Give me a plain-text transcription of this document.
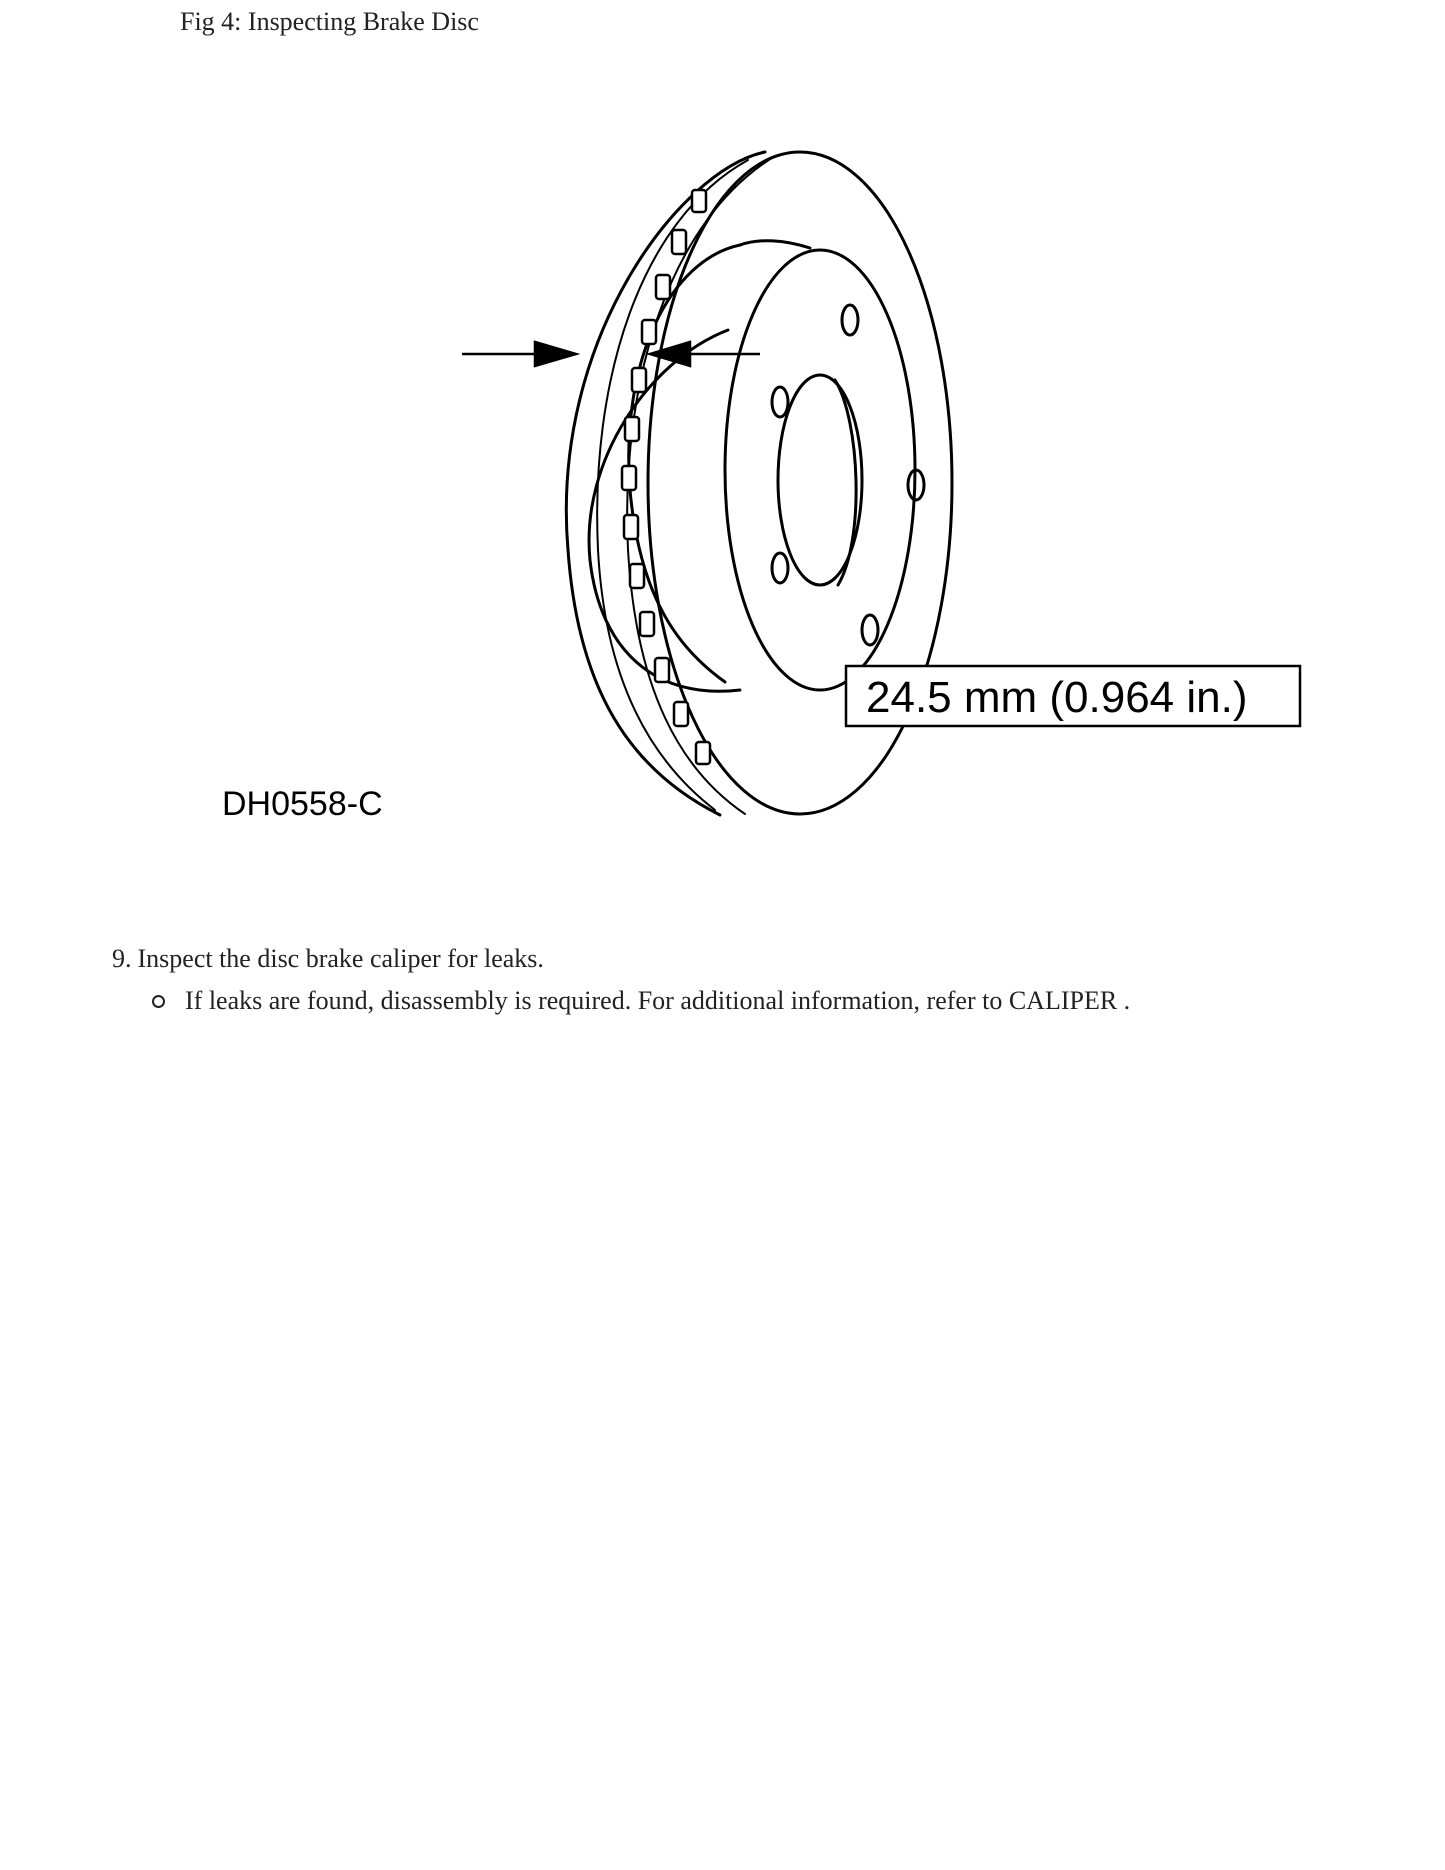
Fig 4: Inspecting Brake Disc

24.5 mm (0.964 in.)
DH0558-C
9. Inspect the disc brake caliper for leaks.
If leaks are found, disassembly is required. For additional information, refer to CALIPER .
